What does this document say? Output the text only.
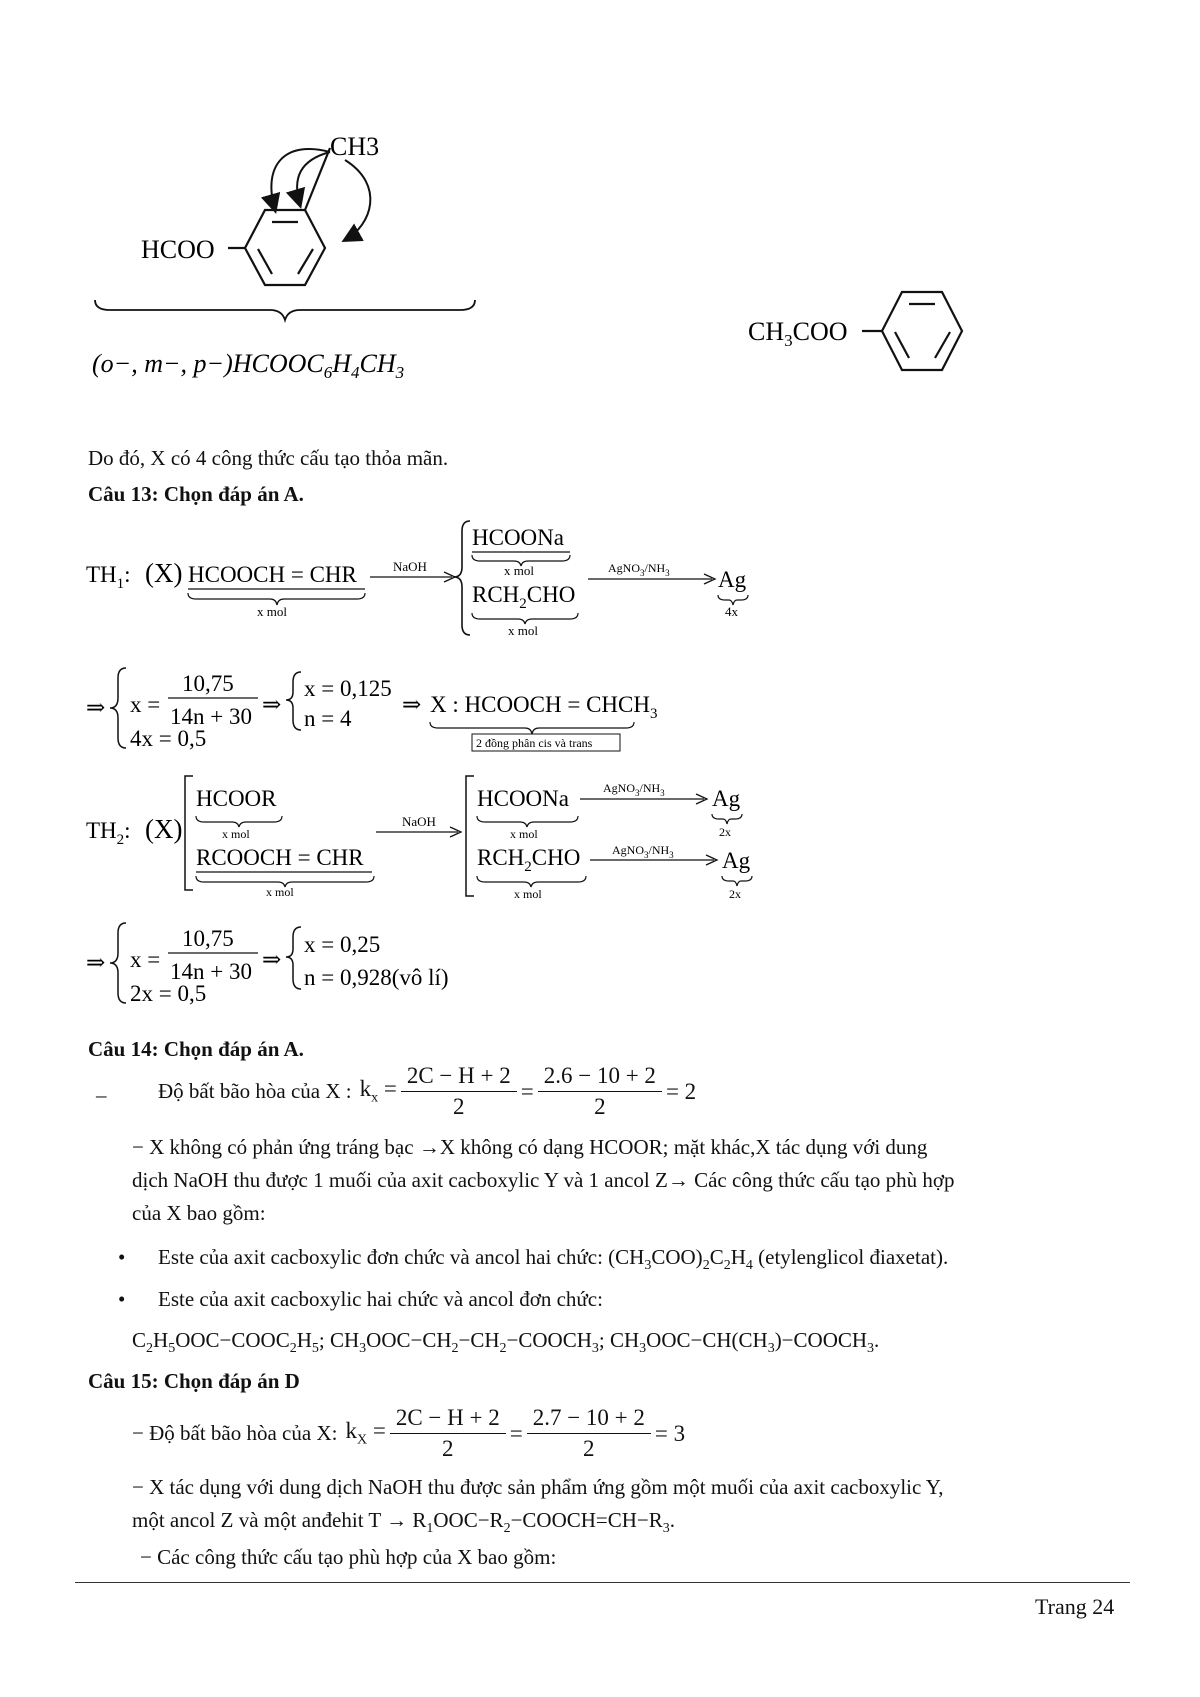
CH3
HCOO
(o−, m−, $p-)HCOOC_6H_4CH_3$
$CH_3COO$
Do đó, X có 4 công thức cấu tạo thỏa mãn.
Câu 13: Chọn đáp án A.
$TH_1$: (X) HCOOCH = CHR
x mol
NaOH
HCOONa
x mol
$RCH_2CHO$
x mol
$AgNO_3/NH_3$ Ag
4x
⇒ x =
10,75
14n + 30 ⇒
4x = 0,5
x = 0,125
n = 4
⇒ X : HCOOCH = $CHCH_3$
2 đồng phân cis và trans
$TH_2$: (X)
HCOOR
x mol
RCOOCH = CHR
x mol
NaOH
HCOONa
x mol
$AgNO_3/NH_3$ Ag
2x
$RCH_2CHO$
x mol
$AgNO_3/NH_3$ Ag
2x
⇒ x =
10,75
14n + 30 ⇒
2x = 0,5
x = 0,25
n = 0,928(vô lí)
Câu 14: Chọn đáp án A.
– Độ bất bão hòa của X : $k_x = \frac{2C - H + 2}{2} = \frac{2.6 - 10 + 2}{2} = 2$
− X không có phản ứng tráng bạc →X không có dạng HCOOR; mặt khác,X tác dụng với dung
dịch NaOH thu được 1 muối của axit cacboxylic Y và 1 ancol Z→ Các công thức cấu tạo phù hợp
của X bao gồm:
• Este của axit cacboxylic đơn chức và ancol hai chức: $(CH_3COO)_2C_2H_4$ (etylenglicol điaxetat).
• Este của axit cacboxylic hai chức và ancol đơn chức:
$C_2H_5OOC-COOC_2H_5$; $CH_3OOC-CH_2-CH_2-COOCH_3$; $CH_3OOC-CH(CH_3)-COOCH_3$.
Câu 15: Chọn đáp án D
− Độ bất bão hòa của X: $k_X = \frac{2C - H + 2}{2} = \frac{2.7 - 10 + 2}{2} = 3$
− X tác dụng với dung dịch NaOH thu được sản phẩm ứng gồm một muối của axit cacboxylic Y,
một ancol Z và một anđehit $T \to R_1OOC-R_2-COOCH=CH-R_3$.
− Các công thức cấu tạo phù hợp của X bao gồm:
Trang 24
